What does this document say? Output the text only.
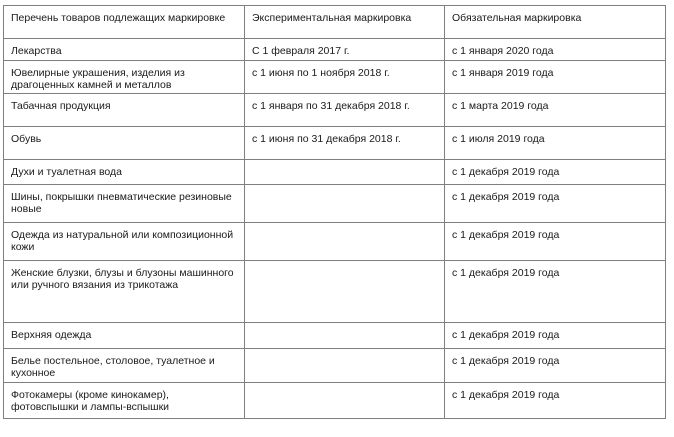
Перечень товаров подлежащих маркировке	Экспериментальная маркировка	Обязательная маркировка

Лекарства	С 1 февраля 2017 г.	с 1 января 2020 года

Ювелирные украшения, изделия из драгоценных камней и металлов	с 1 июня по 1 ноября 2018 г.	с 1 января 2019 года

Табачная продукция	с 1 января по 31 декабря 2018 г.	с 1 марта 2019 года

Обувь	с 1 июня по 31 декабря 2018 г.	с 1 июля 2019 года

Духи и туалетная вода		с 1 декабря 2019 года

Шины, покрышки пневматические резиновые новые		с 1 декабря 2019 года

Одежда из натуральной или композиционной кожи		с 1 декабря 2019 года

Женские блузки, блузы и блузоны машинного или ручного вязания из трикотажа		с 1 декабря 2019 года

Верхняя одежда		с 1 декабря 2019 года

Белье постельное, столовое, туалетное и кухонное		с 1 декабря 2019 года

Фотокамеры (кроме кинокамер), фотовспышки и лампы-вспышки		с 1 декабря 2019 года
